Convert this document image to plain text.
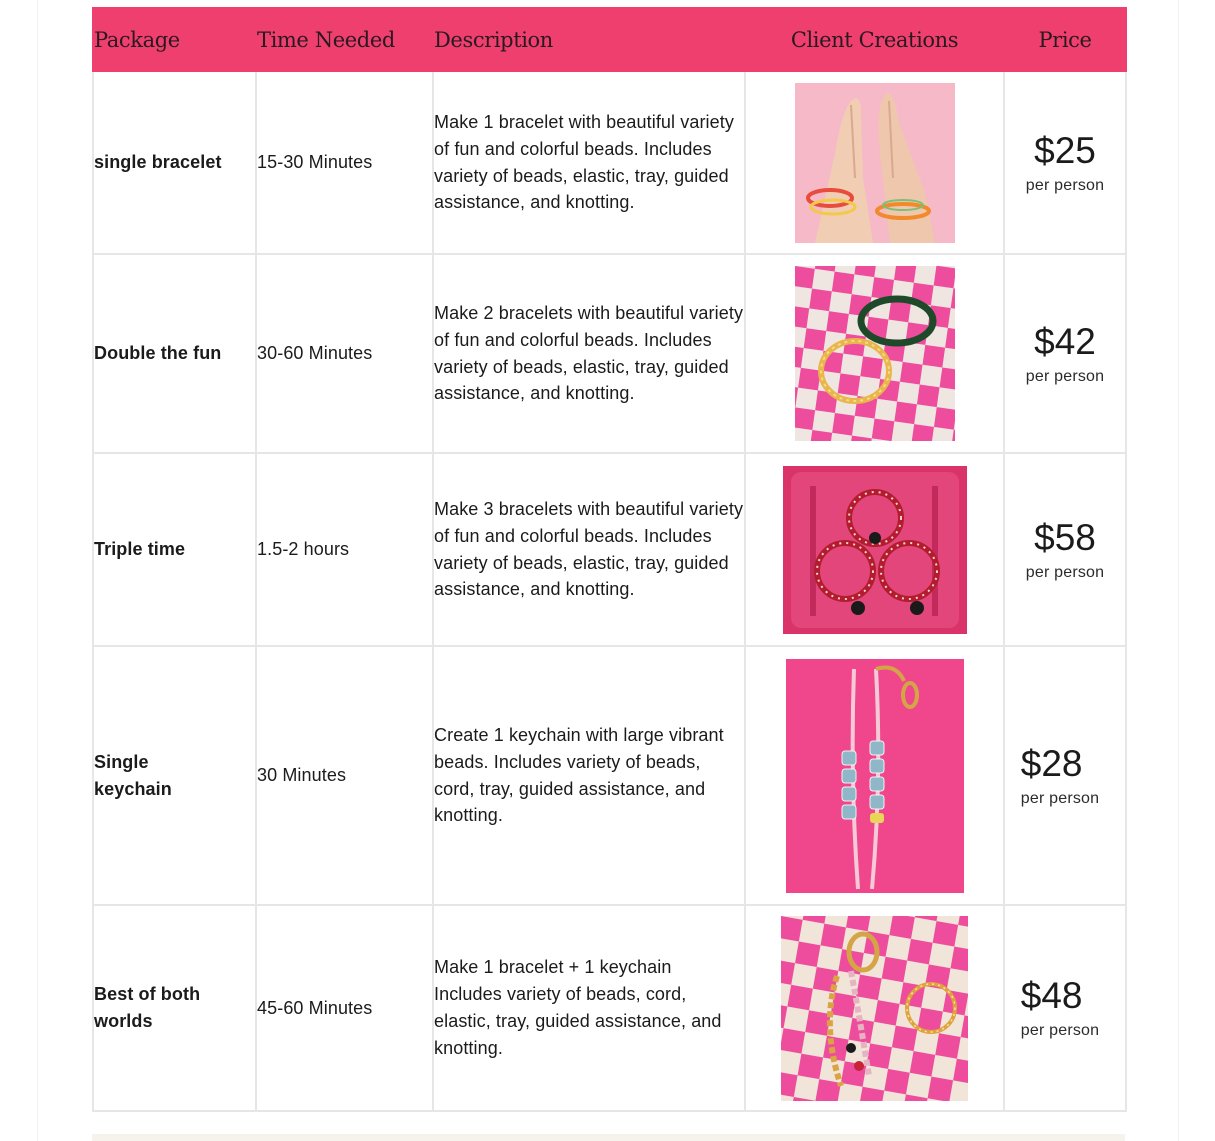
Package	Time Needed	Description	Client Creations	Price
single bracelet	15-30 Minutes	Make 1 bracelet with beautiful variety of fun and colorful beads. Includes variety of beads, elastic, tray, guided assistance, and knotting.		$25
per person

Double the fun	30-60 Minutes	Make 2 bracelets with beautiful variety of fun and colorful beads. Includes variety of beads, elastic, tray, guided assistance, and knotting.		$42
per person

Triple time	1.5-2 hours	Make 3 bracelets with beautiful variety of fun and colorful beads. Includes variety of beads, elastic, tray, guided assistance, and knotting.		$58
per person

Single keychain	30 Minutes	Create 1 keychain with large vibrant beads. Includes variety of beads, cord, tray, guided assistance, and knotting.		$28
per person

Best of both worlds	45-60 Minutes	Make 1 bracelet + 1 keychain Includes variety of beads, cord, elastic, tray, guided assistance, and knotting.		$48
per person
